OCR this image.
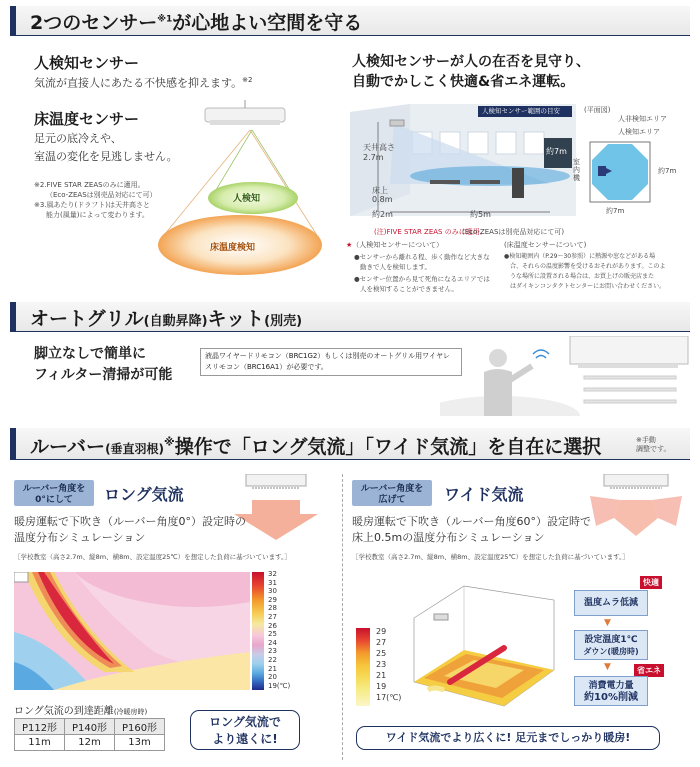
2つのセンサー$^{※1}$が心地よい空間を守る
人検知センサー
気流が直接人にあたる不快感を抑えます。$^{※2}$
床温度センサー
足元の底冷えや、
室温の変化を見逃しません。
※2.FIVE STAR ZEASのみに適用。
（Eco-ZEASは別売品対応にて可）
※3.風あたり(ドラフト)は天井高さと
能力(風量)によって変わります。
人検知
床温度検知
人検知センサーが人の在否を見守り、
自動でかしこく快適&省エネ運転。
人検知センサー範囲の目安
天井高さ
2.7m
床上
0.8m
約2m	約5m
約7m
(注)FIVE STAR ZEAS のみに適用。
(Eco-ZEASは別売品対応にて可)
(平面図)
人非検知エリア
人検知エリア
室内機
約7m
約7m
★（人検知センサーについて）
●センサーから離れる程、歩く動作など大きな
動きで人を検知します。
●センサー位置から見て死角になるエリアでは
人を検知することができません。
(床温度センサーについて)
●検知範囲内（P.29〜30参照）に熱源や窓などがある場
合、それらの温度影響を受けるおそれがあります。このよ
うな場所に設置される場合は、お買上げの販売店また
はダイキンコンタクトセンターにお問い合わせください。
オートグリル(自動昇降)キット(別売)
脚立なしで簡単に
フィルター清掃が可能
液晶ワイヤードリモコン（BRC1G2）もしくは別売のオートグリル用ワイヤレ
スリモコン（BRC16A1）が必要です。
ルーバー(垂直羽根)※操作で「ロング気流」「ワイド気流」を自在に選択	※手動
調整です。
ルーバー角度を
0°にして	ロング気流
暖房運転で下吹き（ルーバー角度0°）設定時の
温度分布シミュレーション
［学校教室（高さ2.7m、縦8m、横8m、設定温度25℃）を想定した負荷に基づいています。］
32
31
30
29
28
27
26
25
24
23
22
21
20
19(℃)
ロング気流の到達距離(冷暖房時)
P112形	P140形	P160形
11m	12m	13m
ロング気流で
より遠くに!
ルーバー角度を
広げて	ワイド気流
暖房運転で下吹き（ルーバー角度60°）設定時で
床上0.5mの温度分布シミュレーション
［学校教室（高さ2.7m、縦8m、横8m、設定温度25℃）を想定した負荷に基づいています。］
29
27
25
23
21
19
17(℃)
快適
温度ムラ低減
▼
設定温度1℃
ダウン(暖房時)
▼	省エネ
消費電力量
約10%削減
ワイド気流でより広くに! 足元までしっかり暖房!
